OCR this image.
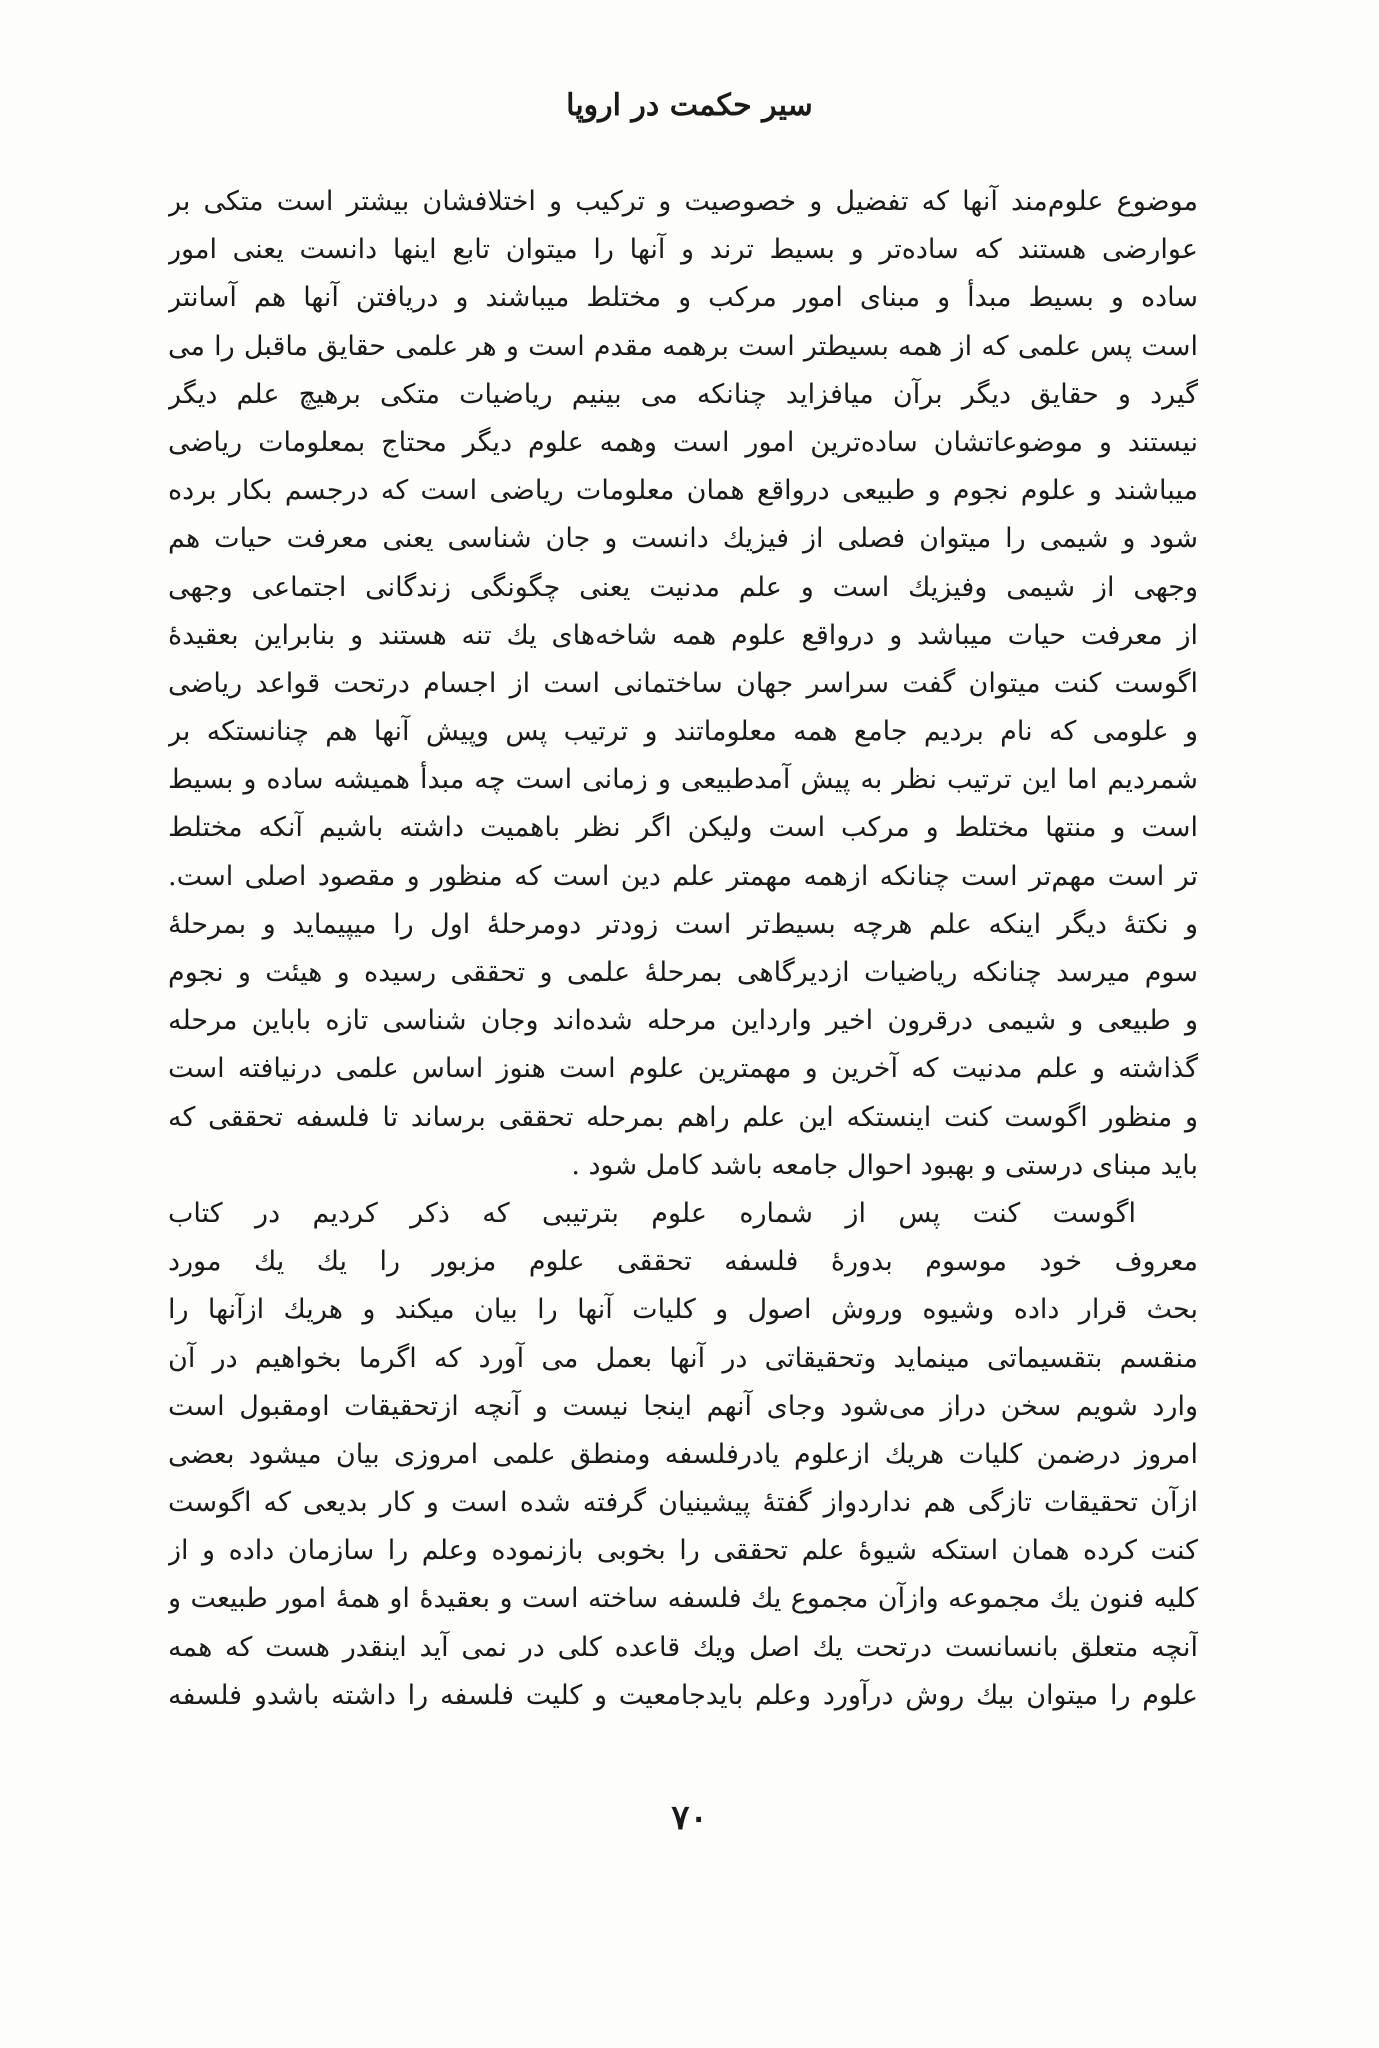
سیر حکمت در اروپا
موضوع علوم‌مند آنها که تفضیل و خصوصیت و ترکیب و اختلافشان بیشتر است متکی بر
عوارضی هستند که ساده‌تر و بسیط ترند و آنها را میتوان تابع اینها دانست یعنی امور
ساده و بسیط مبدأ و مبنای امور مرکب و مختلط میباشند و دریافتن آنها هم آسانتر
است پس علمی که از همه بسیطتر است برهمه مقدم است و هر علمی حقایق ماقبل را می
گیرد و حقایق دیگر برآن میافزاید چنانکه می بینیم ریاضیات متکی برهیچ علم دیگر
نیستند و موضوعاتشان ساده‌ترین امور است وهمه علوم دیگر محتاج بمعلومات ریاضی
میباشند و علوم نجوم و طبیعی درواقع همان معلومات ریاضی است که درجسم بکار برده
شود و شیمی را میتوان فصلی از فیزیك دانست و جان شناسی یعنی معرفت حیات هم
وجهی از شیمی وفیزیك است و علم مدنیت یعنی چگونگی زندگانی اجتماعی وجهی
از معرفت حیات میباشد و درواقع علوم همه شاخه‌های یك تنه هستند و بنابراین بعقیدهٔ
اگوست کنت میتوان گفت سراسر جهان ساختمانی است از اجسام درتحت قواعد ریاضی
و علومی که نام بردیم جامع همه معلوماتند و ترتیب پس وپیش آنها هم چنانستکه بر
شمردیم اما این ترتیب نظر به پیش آمدطبیعی و زمانی است چه مبدأ همیشه ساده و بسیط
است و منتها مختلط و مرکب است ولیکن اگر نظر باهمیت داشته باشیم آنکه مختلط
تر است مهم‌تر است چنانکه ازهمه مهمتر علم دین است که منظور و مقصود اصلی است.
و نکتهٔ دیگر اینکه علم هرچه بسیط‌تر است زودتر دومرحلهٔ اول را میپیماید و بمرحلهٔ
سوم میرسد چنانکه ریاضیات ازدیرگاهی بمرحلهٔ علمی و تحققی رسیده و هیئت و نجوم
و طبیعی و شیمی درقرون اخیر وارداین مرحله شده‌اند وجان شناسی تازه باباین مرحله
گذاشته و علم مدنیت که آخرین و مهمترین علوم است هنوز اساس علمی درنیافته است
و منظور اگوست کنت اینستکه این علم راهم بمرحله تحققی برساند تا فلسفه تحققی که
باید مبنای درستی و بهبود احوال جامعه باشد کامل شود .
اگوست کنت پس از شماره علوم بترتیبی که ذکر کردیم در کتاب
معروف خود موسوم بدورهٔ فلسفه تحققی علوم مزبور را یك یك مورد
بحث قرار داده وشیوه وروش اصول و کلیات آنها را بیان میکند و هریك ازآنها را
منقسم بتقسیماتی مینماید وتحقیقاتی در آنها بعمل می آورد که اگرما بخواهیم در آن
وارد شویم سخن دراز می‌شود وجای آنهم اینجا نیست و آنچه ازتحقیقات اومقبول است
امروز درضمن کلیات هریك ازعلوم یادرفلسفه ومنطق علمی امروزی بیان میشود بعضی
ازآن تحقیقات تازگی هم نداردواز گفتهٔ پیشینیان گرفته شده است و کار بدیعی که اگوست
کنت کرده همان استکه شیوهٔ علم تحققی را بخوبی بازنموده وعلم را سازمان داده و از
کلیه فنون یك مجموعه وازآن مجموع یك فلسفه ساخته است و بعقیدهٔ او همهٔ امور طبیعت و
آنچه متعلق بانسانست درتحت یك اصل ویك قاعده کلی در نمی آید اینقدر هست که همه
علوم را میتوان بیك روش درآورد وعلم بایدجامعیت و کلیت فلسفه را داشته باشدو فلسفه
۷۰
